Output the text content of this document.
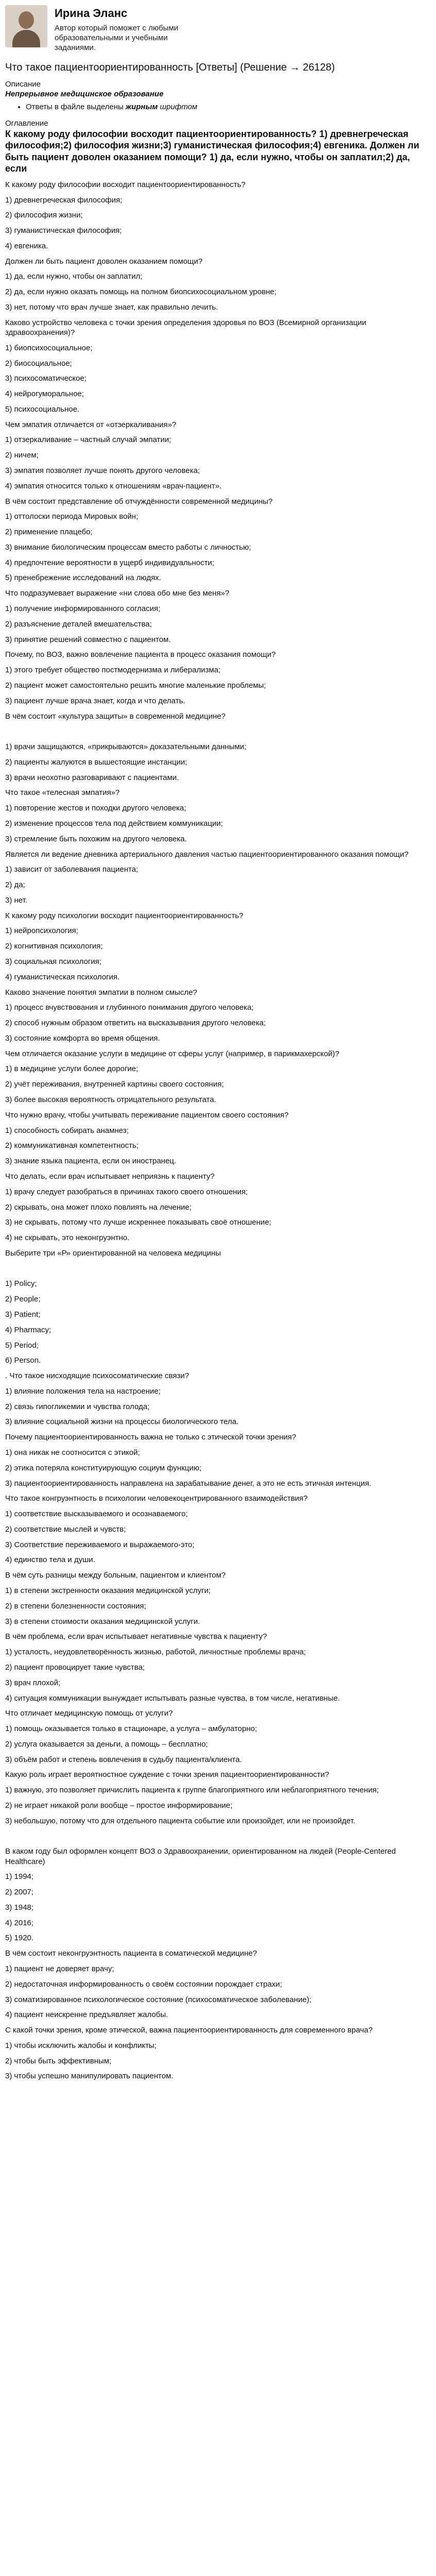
Ирина Эланс
Автор который поможет с любыми образовательными и учебными заданиями.
Что такое пациентоориентированность [Ответы] (Решение → 26128)

Описание

Непрерывное медицинское образование

• Ответы в файле выделены жирным шрифтом

Оглавление

К какому роду философии восходит пациентоориентированность? 1) древнегреческая философия;2) философия жизни;3) гуманистическая философия;4) евгеника. Должен ли быть пациент доволен оказанием помощи? 1) да, если нужно, чтобы он заплатил;2) да, если

К какому роду философии восходит пациентоориентированность?

1) древнегреческая философия;

2) философия жизни;

3) гуманистическая философия;

4) евгеника.

Должен ли быть пациент доволен оказанием помощи?

1) да, если нужно, чтобы он заплатил;

2) да, если нужно оказать помощь на полном биопсихосоциальном уровне;

3) нет, потому что врач лучше знает, как правильно лечить.

Каково устройство человека с точки зрения определения здоровья по ВОЗ (Всемирной организации здравоохранения)?

1) биопсихосоциальное;

2) биосоциальное;

3) психосоматическое;

4) нейрогуморальное;

5) психосоциальное.

Чем эмпатия отличается от «отзеркаливания»?

1) отзеркаливание – частный случай эмпатии;

2) ничем;

3) эмпатия позволяет лучше понять другого человека;

4) эмпатия относится только к отношениям «врач-пациент».

В чём состоит представление об отчуждённости современной медицины?

1) оттолоски периода Мировых войн;

2) применение плацебо;

3) внимание биологическим процессам вместо работы с личностью;

4) предпочтение вероятности в ущерб индивидуальности;

5) пренебрежение исследований на людях.

Что подразумевает выражение «ни слова обо мне без меня»?

1) получение информированного согласия;

2) разъяснение деталей вмешательства;

3) принятие решений совместно с пациентом.

Почему, по ВОЗ, важно вовлечение пациента в процесс оказания помощи?

1) этого требует общество постмодернизма и либерализма;

2) пациент может самостоятельно решить многие маленькие проблемы;

3) пациент лучше врача знает, когда и что делать.

В чём состоит «культура защиты» в современной медицине?

1) врачи защищаются, «прикрываются» доказательными данными;

2) пациенты жалуются в вышестоящие инстанции;

3) врачи неохотно разговаривают с пациентами.

Что такое «телесная эмпатия»?

1) повторение жестов и походки другого человека;

2) изменение процессов тела под действием коммуникации;

3) стремление быть похожим на другого человека.

Является ли ведение дневника артериального давления частью пациентоориентированного оказания помощи?

1) зависит от заболевания пациента;

2) да;

3) нет.

К какому роду психологии восходит пациентоориентированность?

1) нейропсихология;

2) когнитивная психология;

3) социальная психология;

4) гуманистическая психология.

Каково значение понятия эмпатии в полном смысле?

1) процесс вчувствования и глубинного понимания другого человека;

2) способ нужным образом ответить на высказывания другого человека;

3) состояние комфорта во время общения.

Чем отличается оказание услуги в медицине от сферы услуг (например, в парикмахерской)?

1) в медицине услуги более дорогие;

2) учёт переживания, внутренней картины своего состояния;

3) более высокая вероятность отрицательного результата.

Что нужно врачу, чтобы учитывать переживание пациентом своего состояния?

1) способность собирать анамнез;

2) коммуникативная компетентность;

3) знание языка пациента, если он иностранец.

Что делать, если врач испытывает неприязнь к пациенту?

1) врачу следует разобраться в причинах такого своего отношения;

2) скрывать, она может плохо повлиять на лечение;

3) не скрывать, потому что лучше искреннее показывать своё отношение;

4) не скрывать, это неконгруэнтно.

Выберите три «Р» ориентированной на человека медицины

1) Policy;

2) People;

3) Patient;

4) Pharmacy;

5) Period;

6) Person.

. Что такое нисходящие психосоматические связи?

1) влияние положения тела на настроение;

2) связь гипогликемии и чувства голода;

3) влияние социальной жизни на процессы биологического тела.

Почему пациентоориентированность важна не только с этической точки зрения?

1) она никак не соотносится с этикой;

2) этика потеряла конституирующую социум функцию;

3) пациентоориентированность направлена на зарабатывание денег, а это не есть этичная интенция.

Что такое конгруэнтность в психологии человекоцентрированного взаимодействия?

1) соответствие высказываемого и осознаваемого;

2) соответствие мыслей и чувств;

3) Соответствие переживаемого и выражаемого-это;

4) единство тела и души.

В чём суть разницы между больным, пациентом и клиентом?

1) в степени экстренности оказания медицинской услуги;

2) в степени болезненности состояния;

3) в степени стоимости оказания медицинской услуги.

В чём проблема, если врач испытывает негативные чувства к пациенту?

1) усталость, неудовлетворённость жизнью, работой, личностные проблемы врача;

2) пациент провоцирует такие чувства;

3) врач плохой;

4) ситуация коммуникации вынуждает испытывать разные чувства, в том числе, негативные.

Что отличает медицинскую помощь от услуги?

1) помощь оказывается только в стационаре, а услуга – амбулаторно;

2) услуга оказывается за деньги, а помощь – бесплатно;

3) объём работ и степень вовлечения в судьбу пациента/клиента.

Какую роль играет вероятностное суждение с точки зрения пациентоориентированности?

1) важную, это позволяет причислить пациента к группе благоприятного или неблагоприятного течения;

2) не играет никакой роли вообще – простое информирование;

3) небольшую, потому что для отдельного пациента событие или произойдет, или не произойдет.

В каком году был оформлен концепт ВОЗ о Здравоохранении, ориентированном на людей (People-Centered Healthcare)

1) 1994;

2) 2007;

3) 1948;

4) 2016;

5) 1920.

В чём состоит неконгруэнтность пациента в соматической медицине?

1) пациент не доверяет врачу;

2) недостаточная информированность о своём состоянии порождает страхи;

3) соматизированное психологическое состояние (психосоматическое заболевание);

4) пациент неискренне предъявляет жалобы.

С какой точки зрения, кроме этической, важна пациентоориентированность для современного врача?

1) чтобы исключить жалобы и конфликты;

2) чтобы быть эффективным;

3) чтобы успешно манипулировать пациентом.
